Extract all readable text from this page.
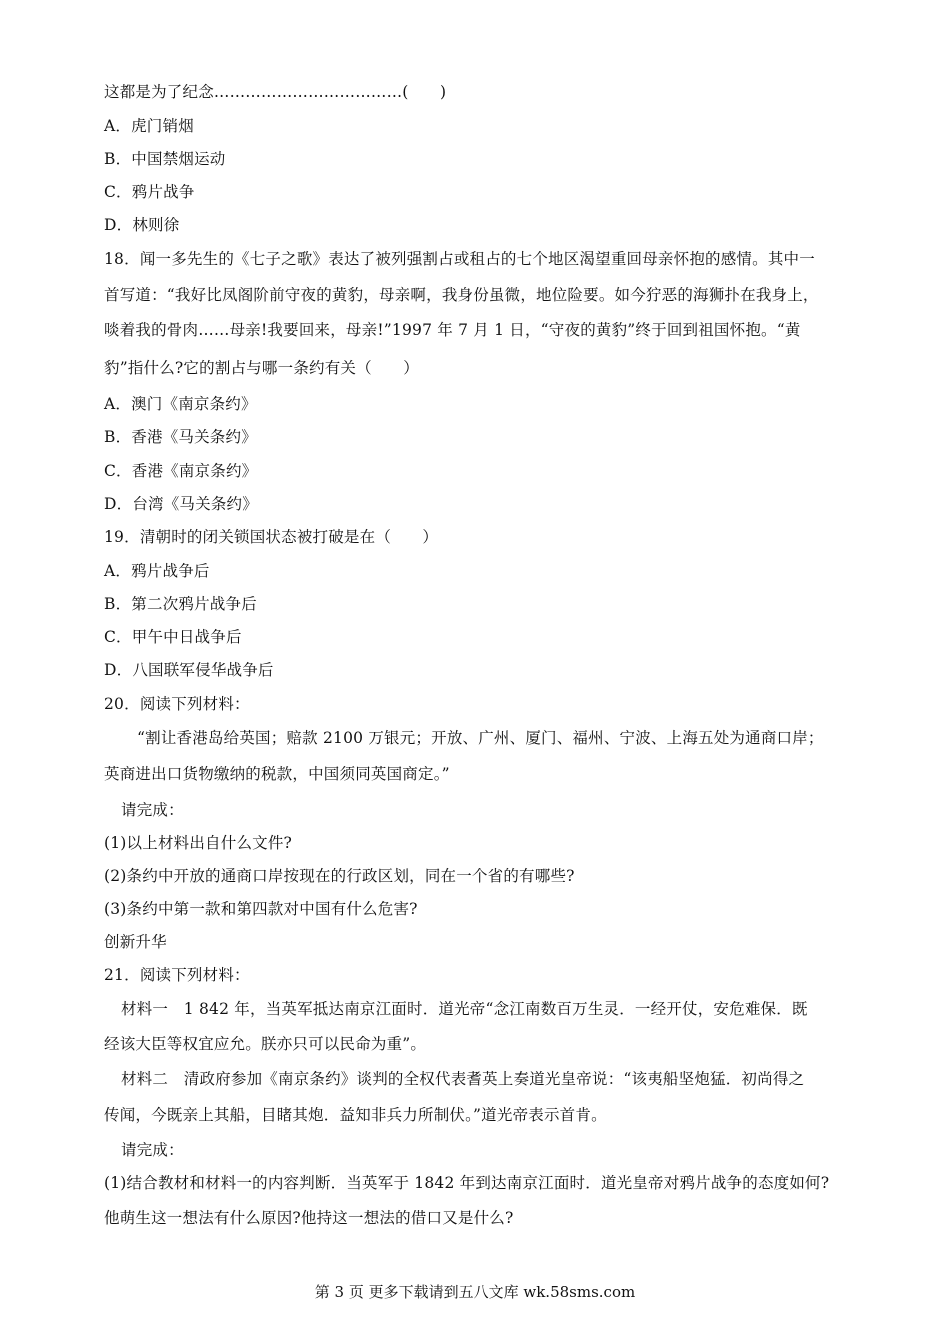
这都是为了纪念………………………………(　　)
A．虎门销烟
B．中国禁烟运动
C．鸦片战争
D．林则徐
18．闻一多先生的《七子之歌》表达了被列强割占或租占的七个地区渴望重回母亲怀抱的感情。其中一
首写道：“我好比凤阁阶前守夜的黄豹，母亲啊，我身份虽微，地位险要。如今狞恶的海狮扑在我身上，
啖着我的骨肉……母亲!我要回来，母亲!”1997 年 7 月 1 日，“守夜的黄豹”终于回到祖国怀抱。“黄
豹”指什么?它的割占与哪一条约有关（　　）
A．澳门《南京条约》
B．香港《马关条约》
C．香港《南京条约》
D．台湾《马关条约》
19．清朝时的闭关锁国状态被打破是在（　　）
A．鸦片战争后
B．第二次鸦片战争后
C．甲午中日战争后
D．八国联军侵华战争后
20．阅读下列材料：
“割让香港岛给英国；赔款 2100 万银元；开放、广州、厦门、福州、宁波、上海五处为通商口岸；
英商进出口货物缴纳的税款，中国须同英国商定。”
请完成：
(1)以上材料出自什么文件?
(2)条约中开放的通商口岸按现在的行政区划，同在一个省的有哪些?
(3)条约中第一款和第四款对中国有什么危害?
创新升华
21．阅读下列材料：
材料一　1 842 年，当英军抵达南京江面时．道光帝“念江南数百万生灵．一经开仗，安危难保．既
经该大臣等权宜应允。朕亦只可以民命为重”。
材料二　清政府参加《南京条约》谈判的全权代表耆英上奏道光皇帝说：“该夷船坚炮猛．初尚得之
传闻，今既亲上其船，目睹其炮．益知非兵力所制伏。”道光帝表示首肯。
请完成：
(1)结合教材和材料一的内容判断．当英军于 1842 年到达南京江面时．道光皇帝对鸦片战争的态度如何?
他萌生这一想法有什么原因?他持这一想法的借口又是什么?
第 3 页 更多下载请到五八文库 wk.58sms.com
